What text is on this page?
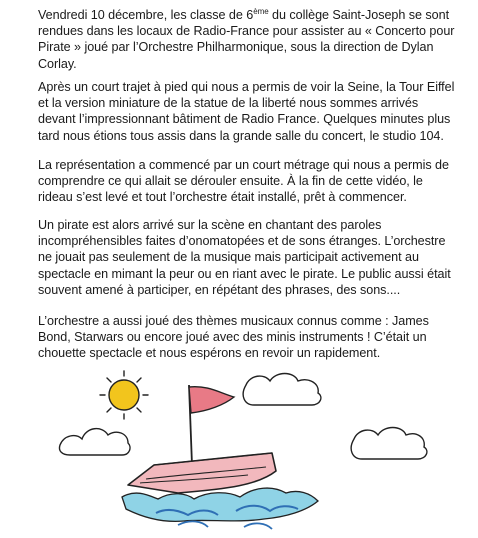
Vendredi 10 décembre, les classe de 6ème du collège Saint-Joseph se sont rendues dans les locaux de Radio-France pour assister au « Concerto pour Pirate » joué par l’Orchestre Philharmonique, sous la direction de Dylan Corlay.

Après un court trajet à pied qui nous a permis de voir la Seine, la Tour Eiffel et la version miniature de la statue de la liberté nous sommes arrivés devant l’impressionnant bâtiment de Radio France. Quelques minutes plus tard nous étions tous assis dans la grande salle du concert, le studio 104.

La représentation a commencé par un court métrage qui nous a permis de comprendre ce qui allait se dérouler ensuite. À la fin de cette vidéo, le rideau s’est levé et tout l’orchestre était installé, prêt à commencer.

Un pirate est alors arrivé sur la scène en chantant des paroles incompréhensibles faites d’onomatopées et de sons étranges. L’orchestre ne jouait pas seulement de la musique mais participait activement au spectacle en mimant la peur ou en riant avec le pirate. Le public aussi était souvent amené à participer, en répétant des phrases, des sons....

L’orchestre a aussi joué des thèmes musicaux connus comme : James Bond, Starwars ou encore joué avec des minis instruments ! C’était un chouette spectacle et nous espérons en revoir un rapidement.
